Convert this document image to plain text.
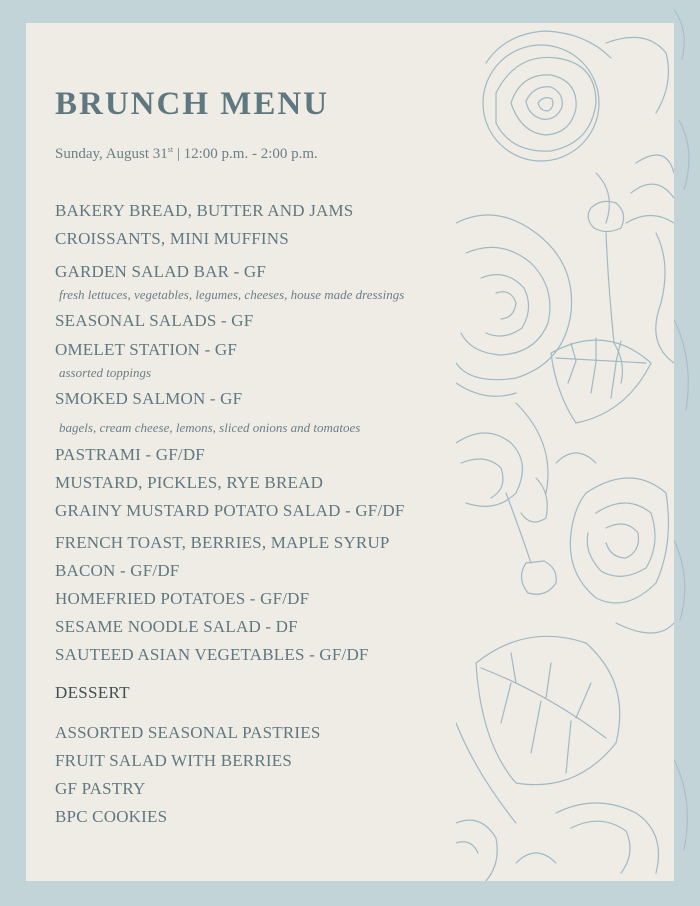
BRUNCH MENU
Sunday, August 31st | 12:00 p.m. - 2:00 p.m.
BAKERY BREAD, BUTTER AND JAMS
CROISSANTS, MINI MUFFINS
GARDEN SALAD BAR - GF
fresh lettuces, vegetables, legumes, cheeses, house made dressings
SEASONAL SALADS - GF
OMELET STATION - GF
assorted toppings
SMOKED SALMON - GF
bagels, cream cheese, lemons, sliced onions and tomatoes
PASTRAMI - GF/DF
MUSTARD, PICKLES, RYE BREAD
GRAINY MUSTARD POTATO SALAD - GF/DF
FRENCH TOAST, BERRIES, MAPLE SYRUP
BACON - GF/DF
HOMEFRIED POTATOES - GF/DF
SESAME NOODLE SALAD - DF
SAUTEED ASIAN VEGETABLES - GF/DF
DESSERT
ASSORTED SEASONAL PASTRIES
FRUIT SALAD WITH BERRIES
GF PASTRY
BPC COOKIES
